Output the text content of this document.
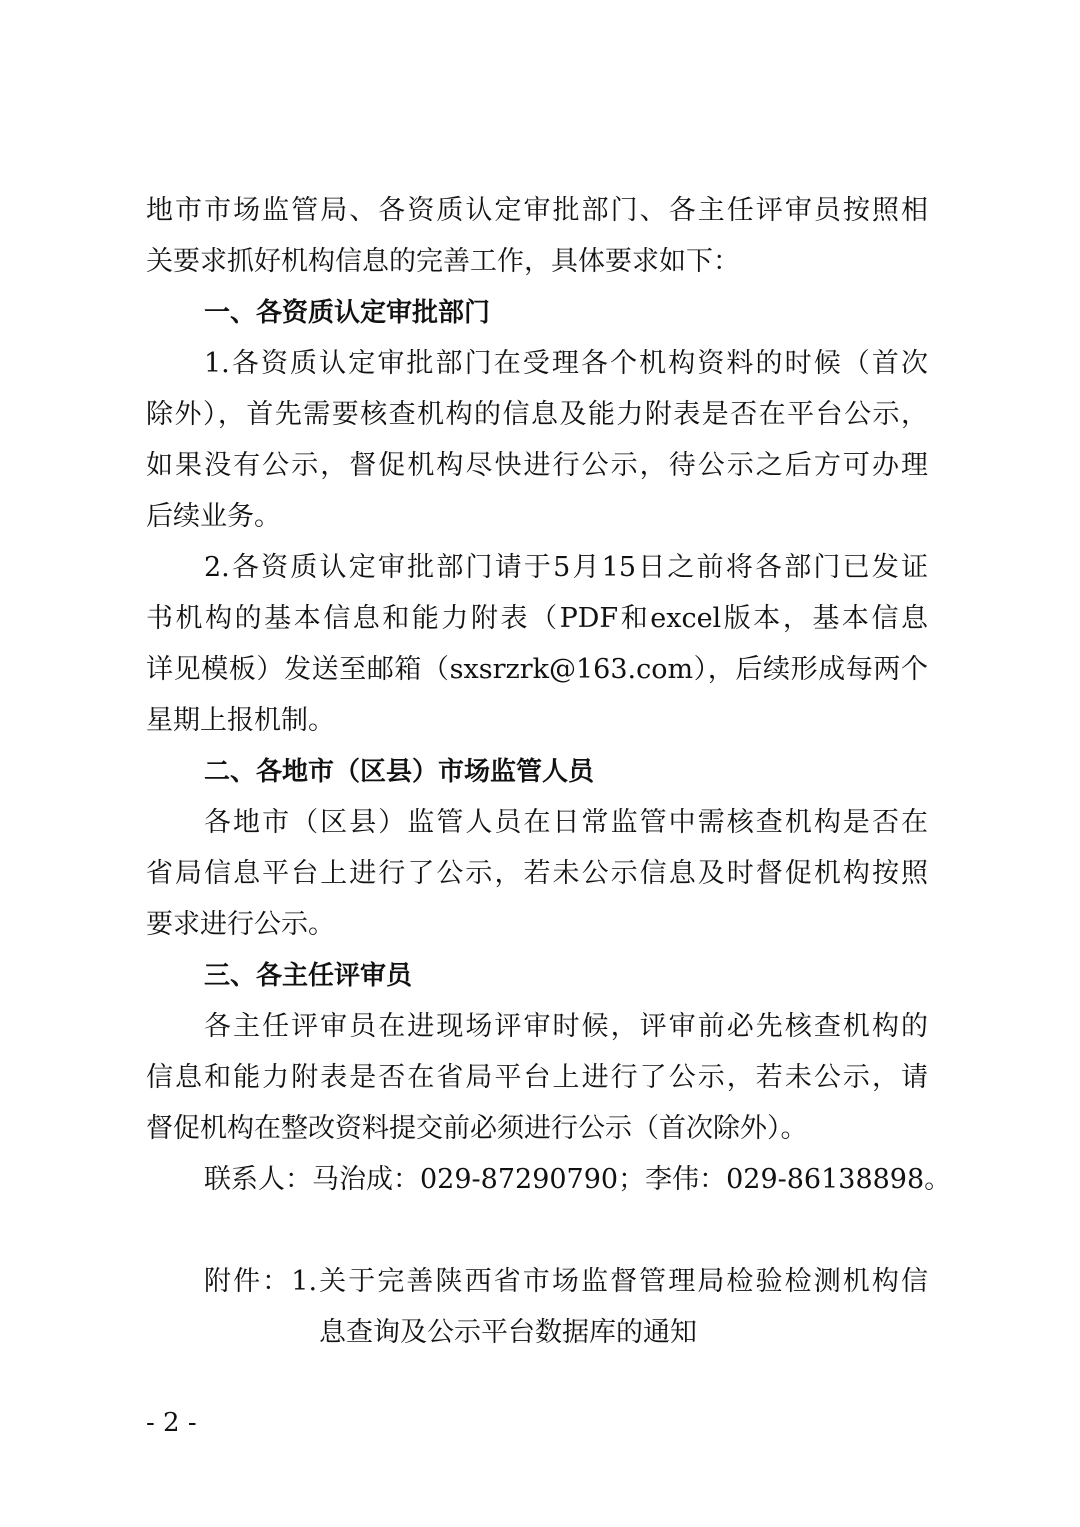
地市市场监管局、各资质认定审批部门、各主任评审员按照相

关要求抓好机构信息的完善工作，具体要求如下：

一、各资质认定审批部门

1.各资质认定审批部门在受理各个机构资料的时候（首次

除外），首先需要核查机构的信息及能力附表是否在平台公示，

如果没有公示，督促机构尽快进行公示，待公示之后方可办理

后续业务。

2.各资质认定审批部门请于5月15日之前将各部门已发证

书机构的基本信息和能力附表（PDF和excel版本，基本信息

详见模板）发送至邮箱（sxsrzrk@163.com），后续形成每两个

星期上报机制。

二、各地市（区县）市场监管人员

各地市（区县）监管人员在日常监管中需核查机构是否在

省局信息平台上进行了公示，若未公示信息及时督促机构按照

要求进行公示。

三、各主任评审员

各主任评审员在进现场评审时候，评审前必先核查机构的

信息和能力附表是否在省局平台上进行了公示，若未公示，请

督促机构在整改资料提交前必须进行公示（首次除外）。

联系人：马治成：029-87290790；李伟：029-86138898。

附件：1.关于完善陕西省市场监督管理局检验检测机构信

息查询及公示平台数据库的通知

- 2 -
